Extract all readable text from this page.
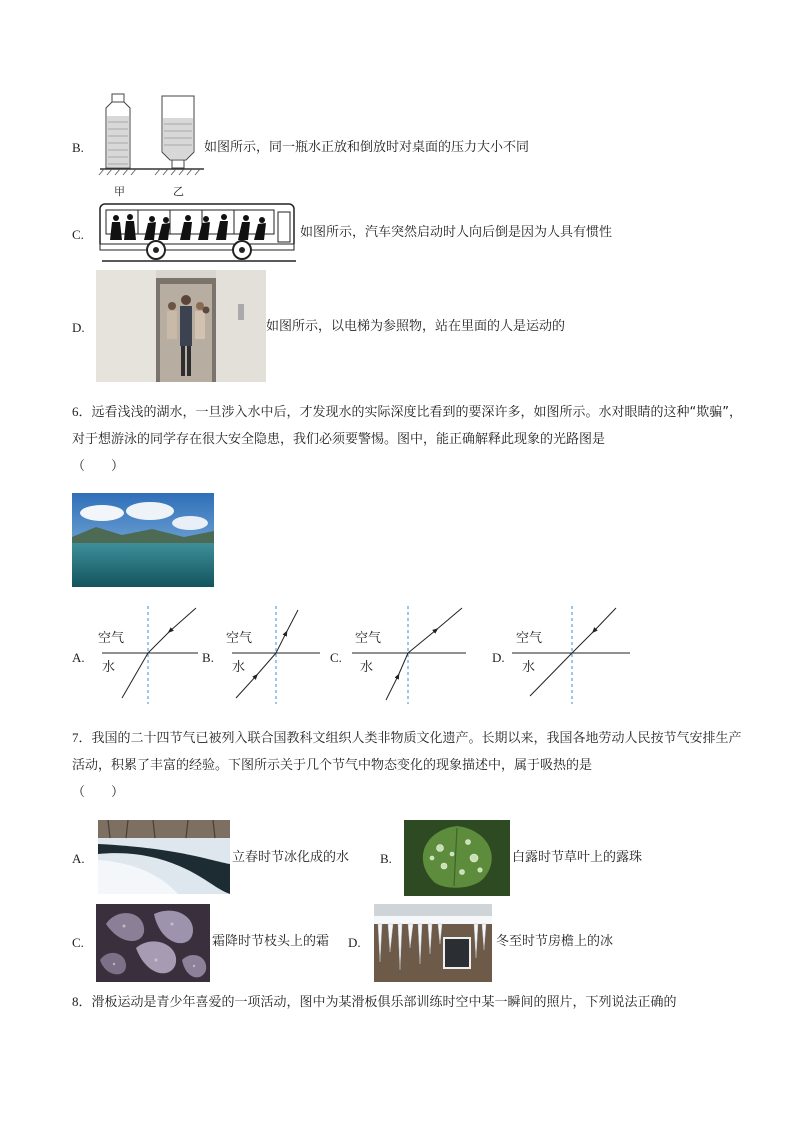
B.	如图所示，同一瓶水正放和倒放时对桌面的压力大小不同
甲	乙
C.	如图所示，汽车突然启动时人向后倒是因为人具有惯性
D.	如图所示，以电梯为参照物，站在里面的人是运动的
6．远看浅浅的湖水，一旦涉入水中后，才发现水的实际深度比看到的要深许多，如图所示。水对眼睛的这种“欺骗”，对于想游泳的同学存在很大安全隐患，我们必须要警惕。图中，能正确解释此现象的光路图是
（　　）
A.
空气
水
B.
空气
水
C.
空气
水
D.
空气
水
7．我国的二十四节气已被列入联合国教科文组织人类非物质文化遗产。长期以来，我国各地劳动人民按节气安排生产活动，积累了丰富的经验。下图所示关于几个节气中物态变化的现象描述中，属于吸热的是
（　　）
A.	立春时节冰化成的水 B.	白露时节草叶上的露珠
C.	霜降时节枝头上的霜 D.	冬至时节房檐上的冰
8．滑板运动是青少年喜爱的一项活动，图中为某滑板俱乐部训练时空中某一瞬间的照片，下列说法正确的
